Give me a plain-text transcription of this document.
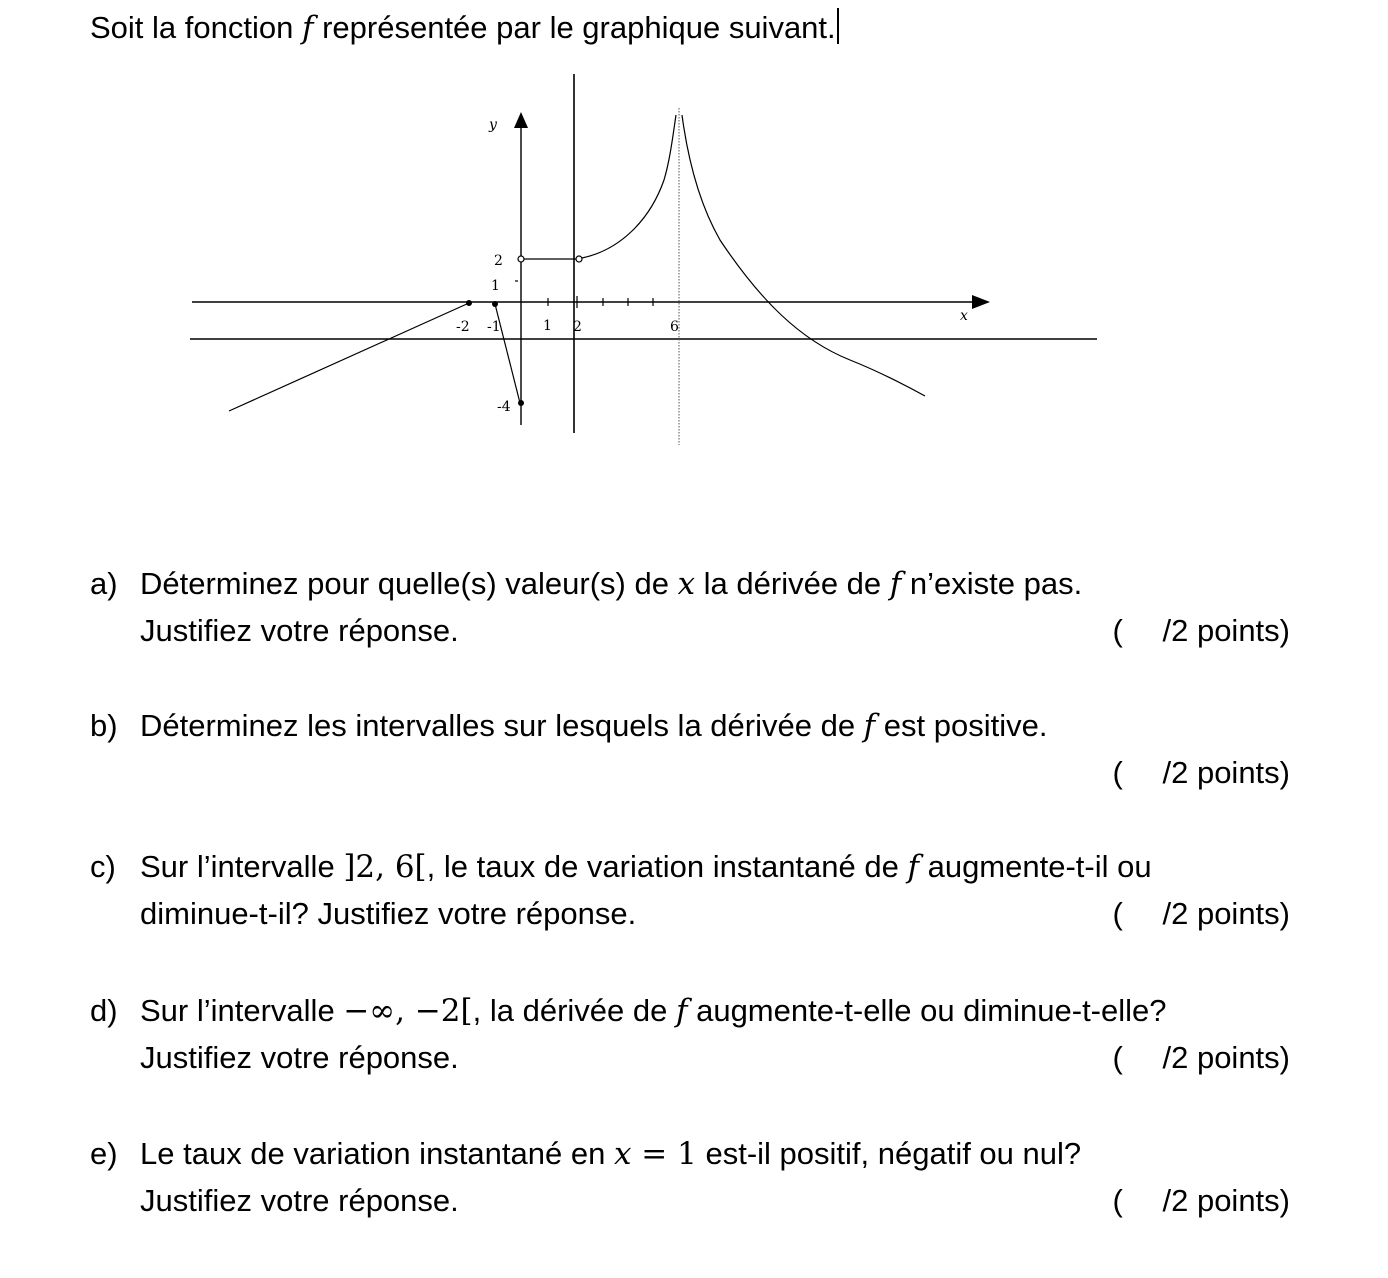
Soit la fonction f représentée par le graphique suivant.
y
x
2
1
-4
-2 -1	1 2	6
a) Déterminez pour quelle(s) valeur(s) de x la dérivée de f n’existe pas.
Justifiez votre réponse.	( /2 points)
b) Déterminez les intervalles sur lesquels la dérivée de f est positive.
( /2 points)
c) Sur l’intervalle ]2, 6[, le taux de variation instantané de f augmente-t-il ou
diminue-t-il? Justifiez votre réponse.	( /2 points)
d) Sur l’intervalle −∞, −2[, la dérivée de f augmente-t-elle ou diminue-t-elle?
Justifiez votre réponse.	( /2 points)
e) Le taux de variation instantané en x = 1 est-il positif, négatif ou nul?
Justifiez votre réponse.	( /2 points)
